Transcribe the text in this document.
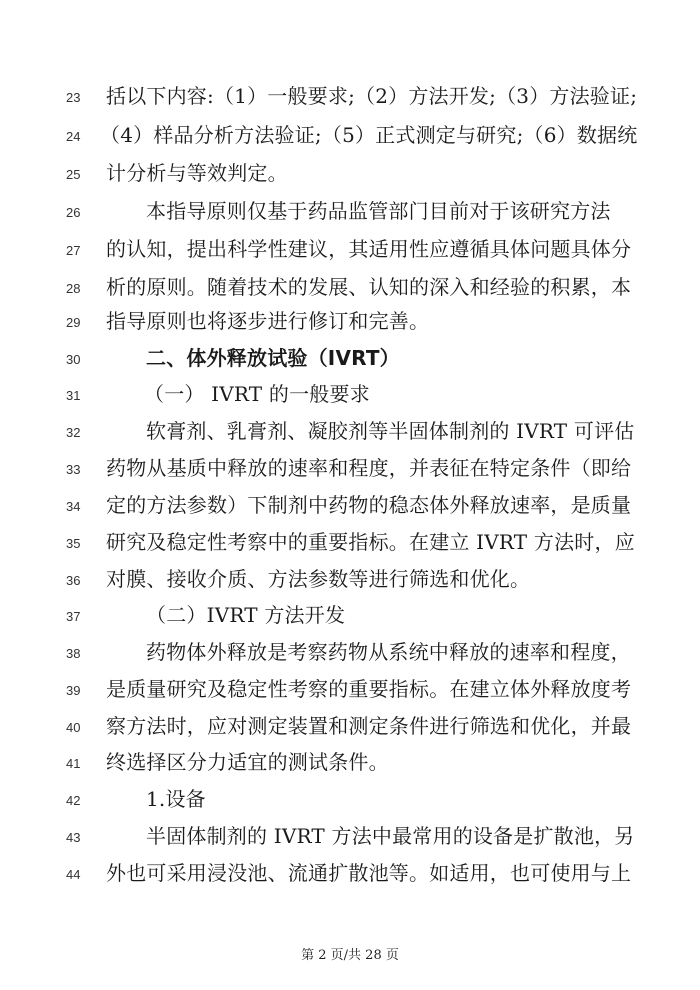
23	括以下内容:（1）一般要求;（2）方法开发;（3）方法验证;
24 （4）样品分析方法验证;（5）正式测定与研究;（6）数据统
25	计分析与等效判定。
26	本指导原则仅基于药品监管部门目前对于该研究方法
27	的认知，提出科学性建议，其适用性应遵循具体问题具体分
28	析的原则。随着技术的发展、认知的深入和经验的积累，本
29	指导原则也将逐步进行修订和完善。
30	二、体外释放试验（IVRT）
31	（一） IVRT 的一般要求
32	软膏剂、乳膏剂、凝胶剂等半固体制剂的 IVRT 可评估
33	药物从基质中释放的速率和程度，并表征在特定条件（即给
34	定的方法参数）下制剂中药物的稳态体外释放速率，是质量
35	研究及稳定性考察中的重要指标。在建立 IVRT 方法时，应
36	对膜、接收介质、方法参数等进行筛选和优化。
37	（二）IVRT 方法开发
38	药物体外释放是考察药物从系统中释放的速率和程度，
39	是质量研究及稳定性考察的重要指标。在建立体外释放度考
40	察方法时，应对测定装置和测定条件进行筛选和优化，并最
41	终选择区分力适宜的测试条件。
42	1.设备
43	半固体制剂的 IVRT 方法中最常用的设备是扩散池，另
44	外也可采用浸没池、流通扩散池等。如适用，也可使用与上
第 2 页/共 28 页
